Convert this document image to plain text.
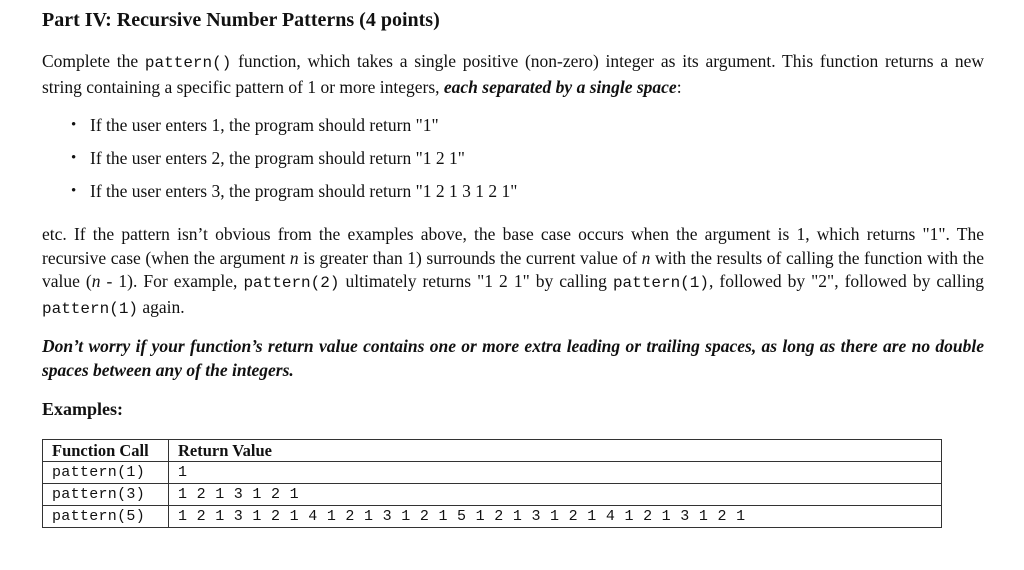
Part IV: Recursive Number Patterns (4 points)

Complete the pattern() function, which takes a single positive (non-zero) integer as its argument. This function returns a new string containing a specific pattern of 1 or more integers, each separated by a single space:

• If the user enters 1, the program should return "1"
• If the user enters 2, the program should return "1 2 1"
• If the user enters 3, the program should return "1 2 1 3 1 2 1"

etc. If the pattern isn’t obvious from the examples above, the base case occurs when the argument is 1, which returns "1". The recursive case (when the argument n is greater than 1) surrounds the current value of n with the results of calling the function with the value (n - 1). For example, pattern(2) ultimately returns "1 2 1" by calling pattern(1), followed by "2", followed by calling pattern(1) again.

Don’t worry if your function’s return value contains one or more extra leading or trailing spaces, as long as there are no double spaces between any of the integers.

Examples:
Function Call	Return Value
pattern(1)	1
pattern(3)	1 2 1 3 1 2 1
pattern(5)	1 2 1 3 1 2 1 4 1 2 1 3 1 2 1 5 1 2 1 3 1 2 1 4 1 2 1 3 1 2 1
